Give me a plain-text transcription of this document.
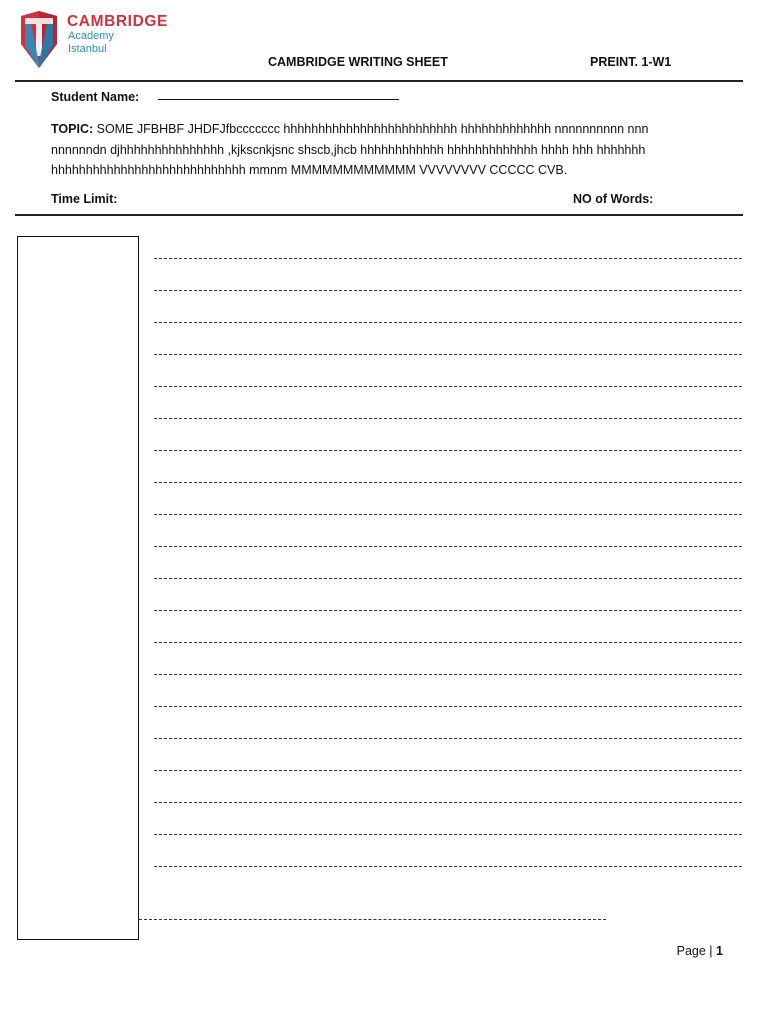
CAMBRIDGE
Academy
Istanbul
CAMBRIDGE WRITING SHEET	PREINT. 1-W1
Student Name:
TOPIC: SOME JFBHBF JHDFJfbccccccc hhhhhhhhhhhhhhhhhhhhhhhhh hhhhhhhhhhhhh nnnnnnnnnn nnn nnnnnndn djhhhhhhhhhhhhhhh ,kjkscnkjsnc shscb,jhcb hhhhhhhhhhhh hhhhhhhhhhhhh hhhh hhh hhhhhhh hhhhhhhhhhhhhhhhhhhhhhhhhhhh mmnm MMMMMMMMMMMM VVVVVVVV CCCCC CVB.
Time Limit:	NO of Words:
Page | 1
